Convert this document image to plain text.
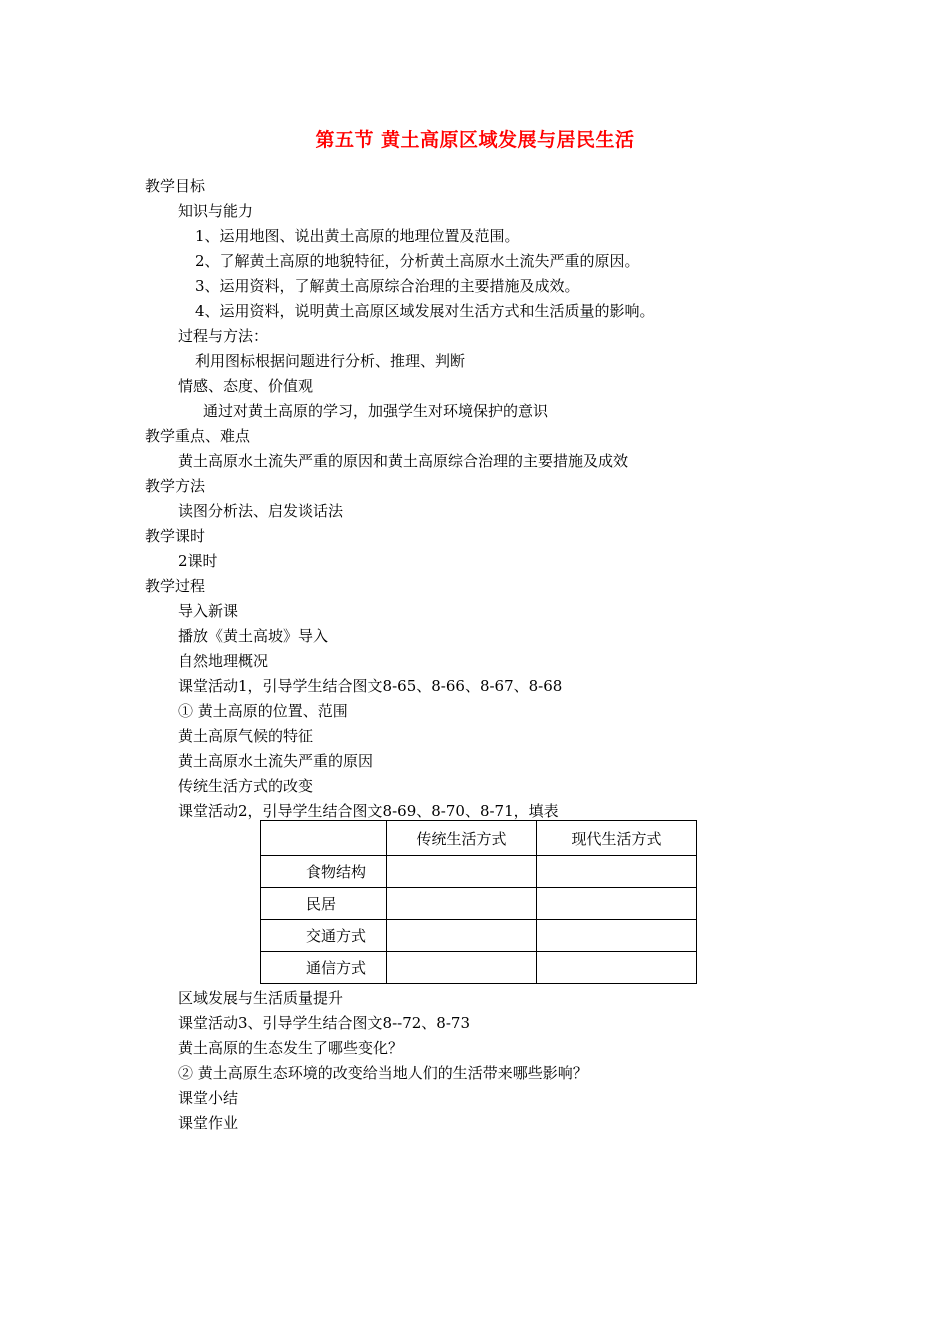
第五节 黄土高原区域发展与居民生活
教学目标
知识与能力
1、运用地图、说出黄土高原的地理位置及范围。
2、了解黄土高原的地貌特征，分析黄土高原水土流失严重的原因。
3、运用资料，了解黄土高原综合治理的主要措施及成效。
4、运用资料，说明黄土高原区域发展对生活方式和生活质量的影响。
过程与方法：
利用图标根据问题进行分析、推理、判断
情感、态度、价值观
通过对黄土高原的学习，加强学生对环境保护的意识
教学重点、难点
黄土高原水土流失严重的原因和黄土高原综合治理的主要措施及成效
教学方法
读图分析法、启发谈话法
教学课时
2课时
教学过程
导入新课
播放《黄土高坡》导入
自然地理概况
课堂活动1，引导学生结合图文8-65、8-66、8-67、8-68
① 黄土高原的位置、范围
黄土高原气候的特征
黄土高原水土流失严重的原因
传统生活方式的改变
课堂活动2，引导学生结合图文8-69、8-70、8-71，填表
	传统生活方式	现代生活方式
食物结构		
民居		
交通方式		
通信方式		
区域发展与生活质量提升
课堂活动3、引导学生结合图文8--72、8-73
黄土高原的生态发生了哪些变化？
② 黄土高原生态环境的改变给当地人们的生活带来哪些影响？
课堂小结
课堂作业
